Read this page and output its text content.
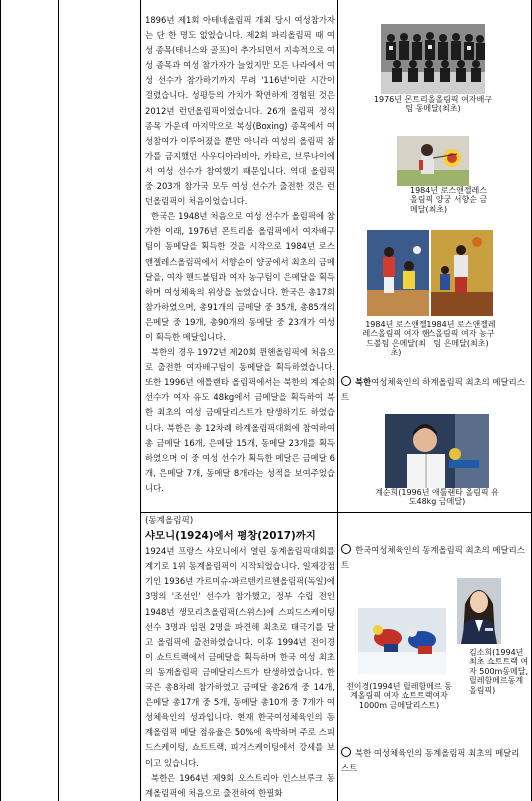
1896년 제1회 아테네올림픽 개최 당시 여성참가자는 단 한 명도 없었습니다. 제2회 파리올림픽 때 여성 종목(테니스와 골프)이 추가되면서 지속적으로 여성 종목과 여성 참가자가 늘었지만 모든 나라에서 여성 선수가 참가하기까지 무려 '116년'이란 시간이 걸렸습니다. 성평등의 가치가 확연하게 경험된 것은 2012년 런던올림픽이었습니다. 26개 올림픽 정식종목 가운데 마지막으로 복싱(Boxing) 종목에서 여성참여가 이루어졌을 뿐만 아니라 여성의 올림픽 참가를 금지했던 사우디아라비아, 카타르, 브루나이에서 여성 선수가 참여했기 때문입니다. 역대 올림픽 중 203개 참가국 모두 여성 선수가 출전한 것은 런던올림픽이 처음이었습니다.

한국은 1948년 처음으로 여성 선수가 올림픽에 참가한 이래, 1976년 몬트리올 올림픽에서 여자배구팀이 동메달을 획득한 것을 시작으로 1984년 로스앤젤레스올림픽에서 서향순이 양궁에서 최초의 금메달을, 여자 핸드볼팀과 여자 농구팀이 은메달을 획득하며 여성체육의 위상을 높였습니다. 한국은 총17회 참가하였으며, 총91개의 금메달 중 35개, 총85개의 은메달 중 19개, 총90개의 동메달 중 23개가 여성이 획득한 메달입니다.

북한의 경우 1972년 제20회 뮌헨올림픽에 처음으로 출전한 여자배구팀이 동메달을 획득하였습니다. 또한 1996년 애틀랜타 올림픽에서는 북한의 계순희 선수가 여자 유도 48kg에서 금메달을 획득하여 북한 최초의 여성 금메달리스트가 탄생하기도 하였습니다. 북한은 총 12차례 하계올림픽대회에 참여하여 총 금메달 16개, 은메달 15개, 동메달 23개를 획득하였으며 이 중 여성 선수가 획득한 메달은 금메달 6개, 은메달 7개, 동메달 8개라는 성적을 보여주었습니다.

(동계올림픽)

샤모니(1924)에서 평창(2017)까지

1924년 프랑스 샤모니에서 열린 동계올림픽대회를 계기로 1위 동계올림픽이 시작되었습니다. 일제강점기인 1936년 가르미슈-파르텐키르헨올림픽(독일)에 3명의 '조선인' 선수가 참가했고, 정부 수립 전인 1948년 생모리츠올림픽(스위스)에 스피드스케이팅 선수 3명과 임원 2명을 파견해 최초로 태극기를 달고 올림픽에 출전하였습니다. 이후 1994년 전이경이 쇼트트랙에서 금메달을 획득하며 한국 여성 최초의 동계올림픽 금메달리스트가 탄생하였습니다. 한국은 총8차례 참가하였고 금메달 총26개 중 14개, 은메달 총17개 중 5개, 동메달 총10개 중 7개가 여성체육인의 성과입니다. 현재 한국여성체육인의 동계올림픽 메달 점유율은 50%에 육박하며 주로 스피드스케이팅, 쇼트트랙, 피겨스케이팅에서 강세를 보이고 있습니다.

북한은 1964년 제9회 오스트리아 인스브루크 동계올림픽에 처음으로 출전하여 한필화

1976년 몬트리올올림픽 여자배구팀 동메달(최초)
1984년 로스앤젤레스올림픽 양궁 서향순 금메달(최초)
1984년 로스앤젤레스올림픽 여자 핸드볼팀 은메달(최초)
1984년 로스앤젤레스올림픽 여자 농구팀 은메달(최초)
북한여성체육인의 하계올림픽 최초의 메달리스트
계순희(1996년 애틀랜타 올림픽 유도48kg 금메달)
한국여성체육인의 동계올림픽 최초의 메달리스트
전이경(1994년 릴레함메르 동계올림픽 여자 쇼트트랙여자 1000m 금메달리스트)
김소희(1994년 최초 쇼트트랙 여자 500m동메달, 릴레함메르동계올림픽)
북한 여성체육인의 동계올림픽 최초의 메달리스트
